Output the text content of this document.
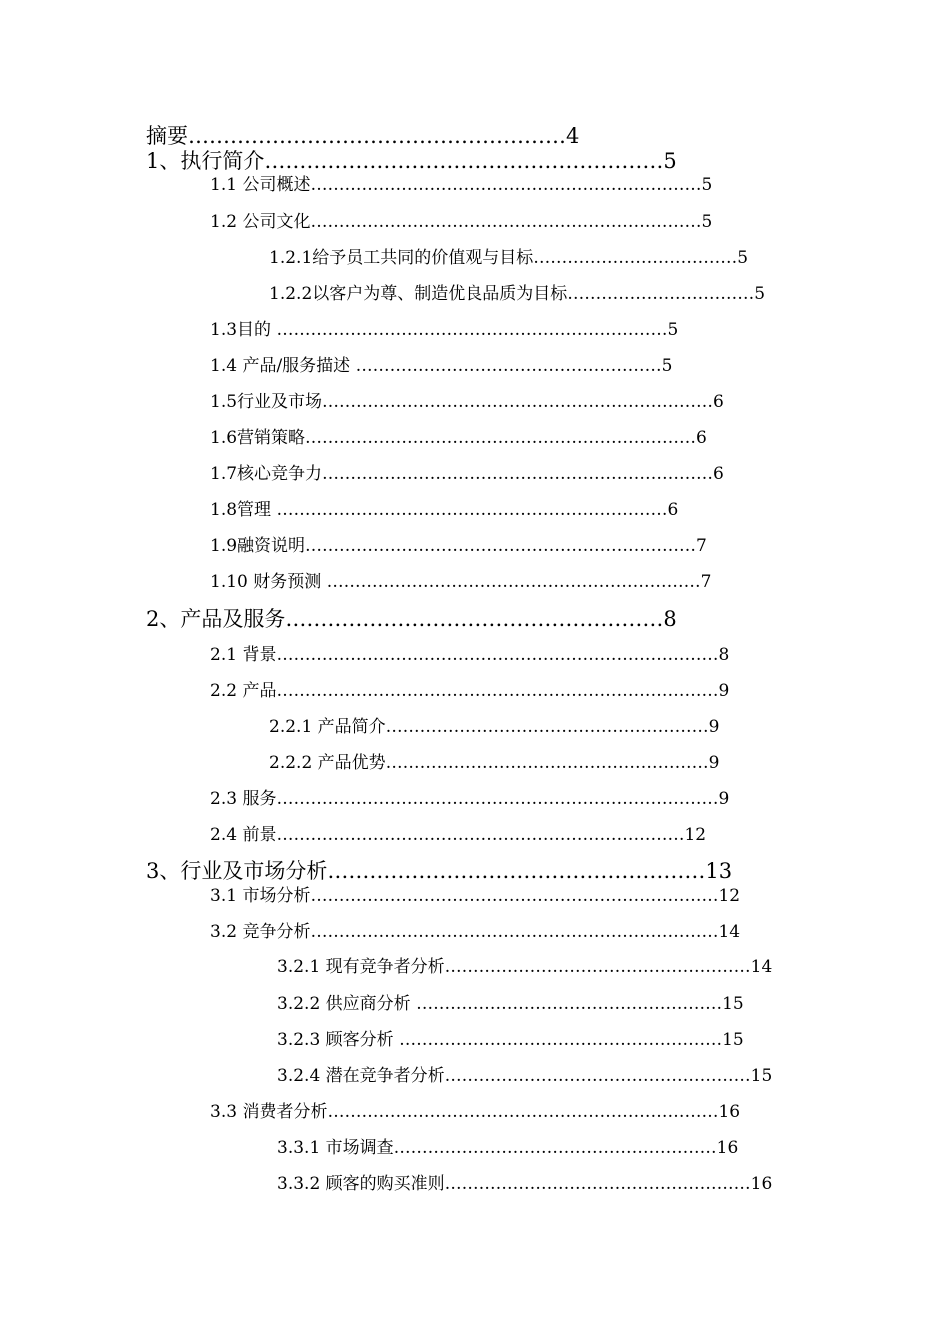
摘要………………………………………………4
1、执行简介…………………………………………………5
1.1 公司概述……………………………………………………………5
1.2 公司文化……………………………………………………………5
1.2.1给予员工共同的价值观与目标………………………………5
1.2.2以客户为尊、制造优良品质为目标……………………………5
1.3目的 ……………………………………………………………5
1.4 产品/服务描述 ………………………………………………5
1.5行业及市场……………………………………………………………6
1.6营销策略……………………………………………………………6
1.7核心竞争力……………………………………………………………6
1.8管理 ……………………………………………………………6
1.9融资说明……………………………………………………………7
1.10 财务预测 …………………………………………………………7
2、产品及服务………………………………………………8
2.1 背景……………………………………………………………………8
2.2 产品……………………………………………………………………9
2.2.1 产品简介…………………………………………………9
2.2.2 产品优势…………………………………………………9
2.3 服务……………………………………………………………………9
2.4 前景………………………………………………………………12
3、行业及市场分析………………………………………………13
3.1 市场分析………………………………………………………………12
3.2 竞争分析………………………………………………………………14
3.2.1 现有竞争者分析………………………………………………14
3.2.2 供应商分析 ………………………………………………15
3.2.3 顾客分析 …………………………………………………15
3.2.4 潜在竞争者分析………………………………………………15
3.3 消费者分析……………………………………………………………16
3.3.1 市场调查…………………………………………………16
3.3.2 顾客的购买准则………………………………………………16
